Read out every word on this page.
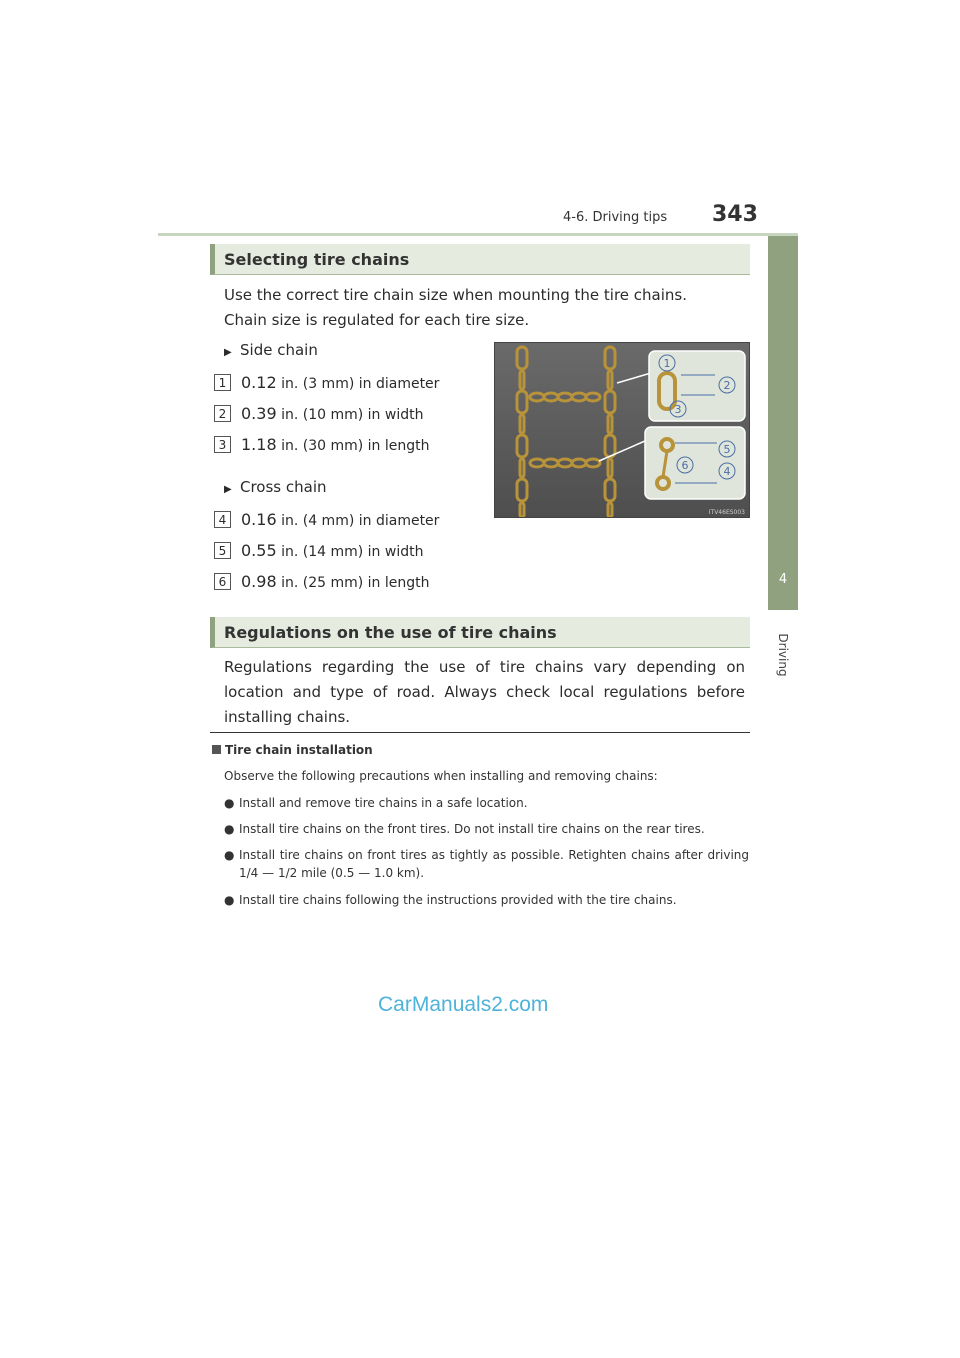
4-6. Driving tips 343
4
Driving
Selecting tire chains
Use the correct tire chain size when mounting the tire chains.
Chain size is regulated for each tire size.
▶ Side chain
1 0.12 in. (3 mm) in diameter
2 0.39 in. (10 mm) in width
3 1.18 in. (30 mm) in length
▶ Cross chain
4 0.16 in. (4 mm) in diameter
5 0.55 in. (14 mm) in width
6 0.98 in. (25 mm) in length
1
2
3
5
4
6
ITV46ES003
Regulations on the use of tire chains
Regulations regarding the use of tire chains vary depending on location and type of road. Always check local regulations before installing chains.
Tire chain installation
Observe the following precautions when installing and removing chains:
● Install and remove tire chains in a safe location.
● Install tire chains on the front tires. Do not install tire chains on the rear tires.
● Install tire chains on front tires as tightly as possible. Retighten chains after driving 1/4 — 1/2 mile (0.5 — 1.0 km).
● Install tire chains following the instructions provided with the tire chains.
CarManuals2.com
